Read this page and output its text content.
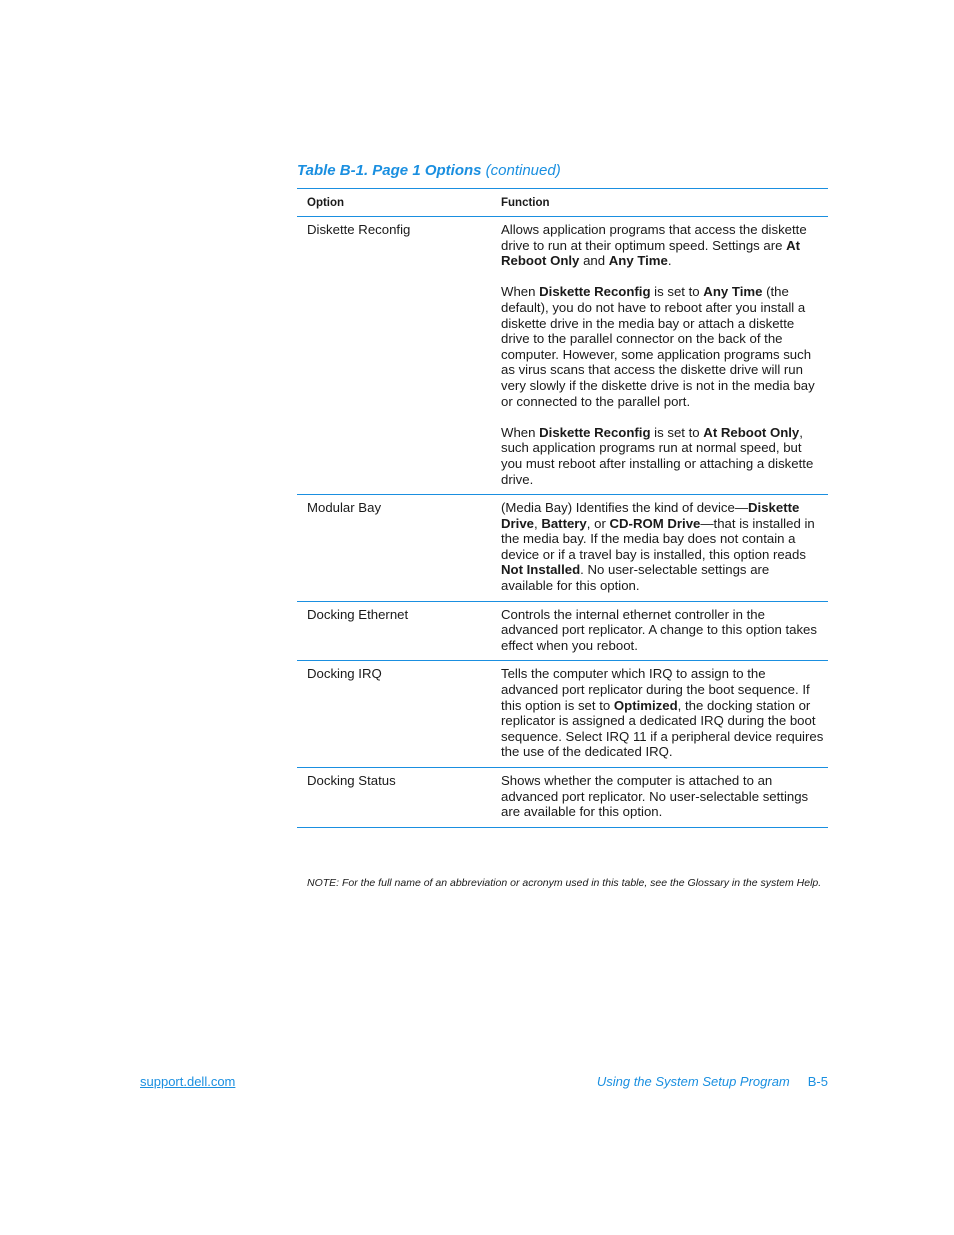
Table B-1. Page 1 Options (continued)
Option	Function
Diskette Reconfig	Allows application programs that access the diskette drive to run at their optimum speed. Settings are At Reboot Only and Any Time.

When Diskette Reconfig is set to Any Time (the default), you do not have to reboot after you install a diskette drive in the media bay or attach a diskette drive to the parallel connector on the back of the computer. However, some application programs such as virus scans that access the diskette drive will run very slowly if the diskette drive is not in the media bay or connected to the parallel port.

When Diskette Reconfig is set to At Reboot Only, such application programs run at normal speed, but you must reboot after installing or attaching a diskette drive.

Modular Bay	(Media Bay) Identifies the kind of device—Diskette Drive, Battery, or CD-ROM Drive—that is installed in the media bay. If the media bay does not contain a device or if a travel bay is installed, this option reads Not Installed. No user-selectable settings are available for this option.

Docking Ethernet	Controls the internal ethernet controller in the advanced port replicator. A change to this option takes effect when you reboot.

Docking IRQ	Tells the computer which IRQ to assign to the advanced port replicator during the boot sequence. If this option is set to Optimized, the docking station or replicator is assigned a dedicated IRQ during the boot sequence. Select IRQ 11 if a peripheral device requires the use of the dedicated IRQ.

Docking Status	Shows whether the computer is attached to an advanced port replicator. No user-selectable settings are available for this option.

NOTE: For the full name of an abbreviation or acronym used in this table, see the Glossary in the system Help.
support.dell.com	Using the System Setup Program B-5
